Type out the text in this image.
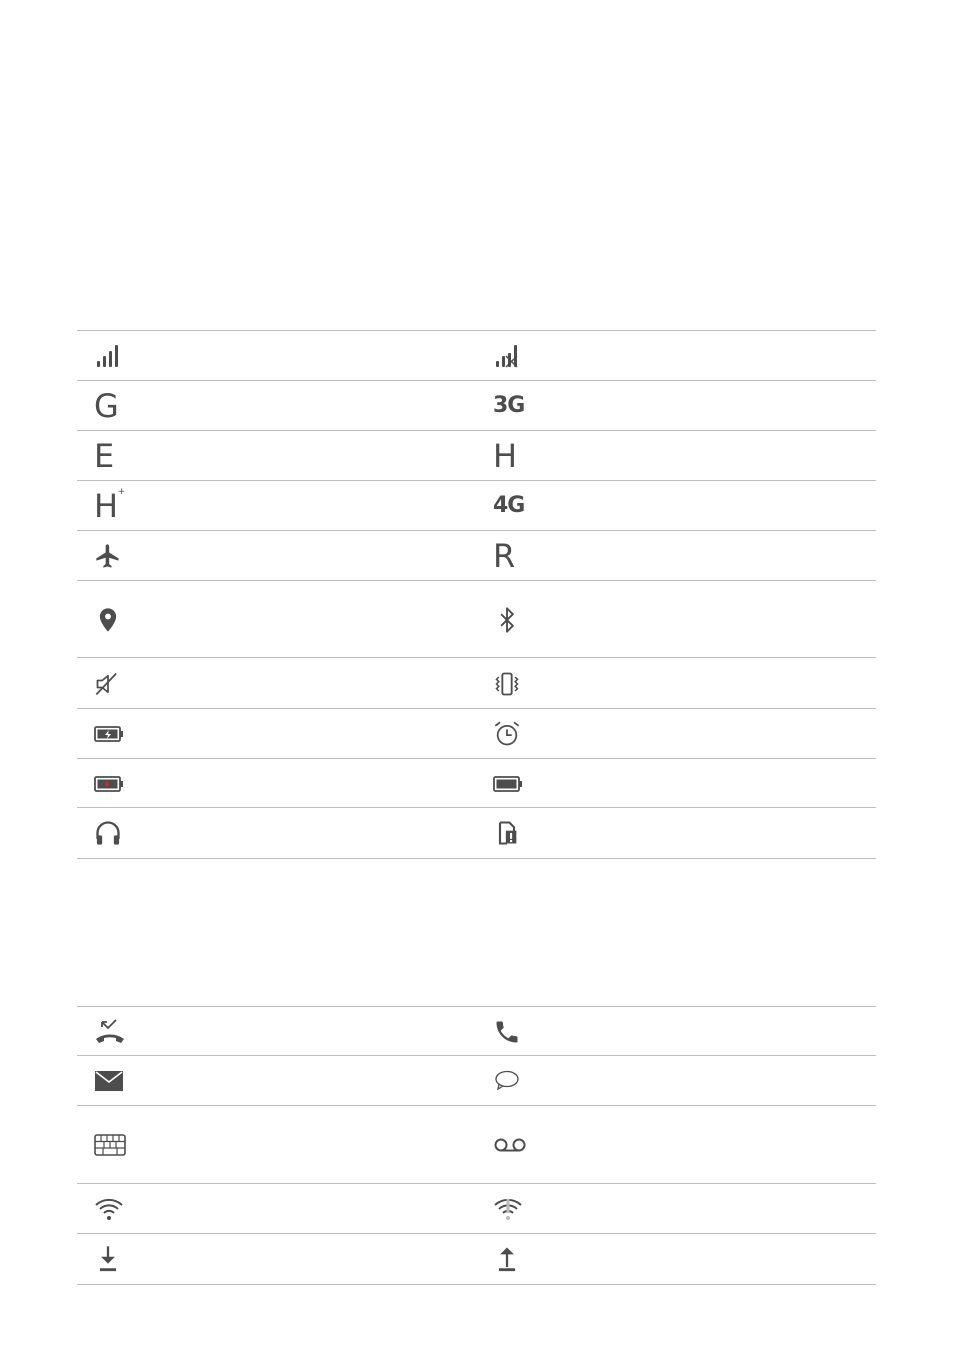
G	3G
E	H
H+
4G
R
